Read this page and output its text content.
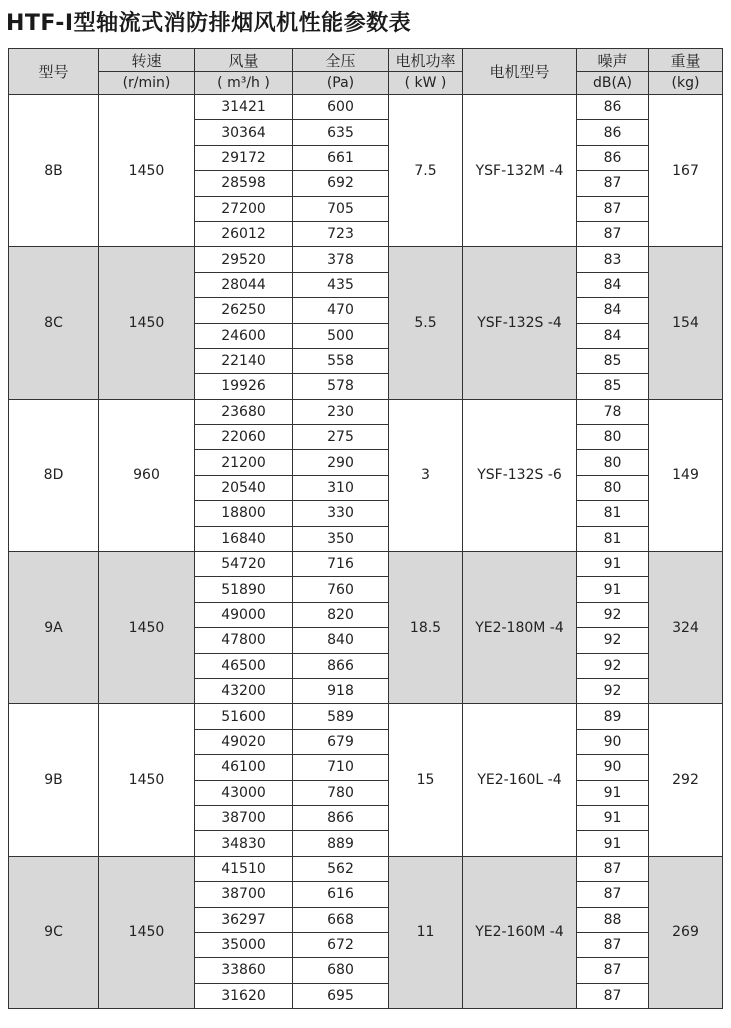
HTF-I型轴流式消防排烟风机性能参数表
型号	转速	风量	全压	电机功率	电机型号	噪声	重量
	(r/min)	( m³/h )	(Pa)	( kW )		dB(A)	(kg)
8B	1450	31421	600	7.5	YSF-132M -4	86	167
		30364	635			86	
		29172	661			86	
		28598	692			87	
		27200	705			87	
		26012	723			87	
8C	1450	29520	378	5.5	YSF-132S -4	83	154
		28044	435			84	
		26250	470			84	
		24600	500			84	
		22140	558			85	
		19926	578			85	
8D	960	23680	230	3	YSF-132S -6	78	149
		22060	275			80	
		21200	290			80	
		20540	310			80	
		18800	330			81	
		16840	350			81	
9A	1450	54720	716	18.5	YE2-180M -4	91	324
		51890	760			91	
		49000	820			92	
		47800	840			92	
		46500	866			92	
		43200	918			92	
9B	1450	51600	589	15	YE2-160L -4	89	292
		49020	679			90	
		46100	710			90	
		43000	780			91	
		38700	866			91	
		34830	889			91	
9C	1450	41510	562	11	YE2-160M -4	87	269
		38700	616			87	
		36297	668			88	
		35000	672			87	
		33860	680			87	
		31620	695			87	
